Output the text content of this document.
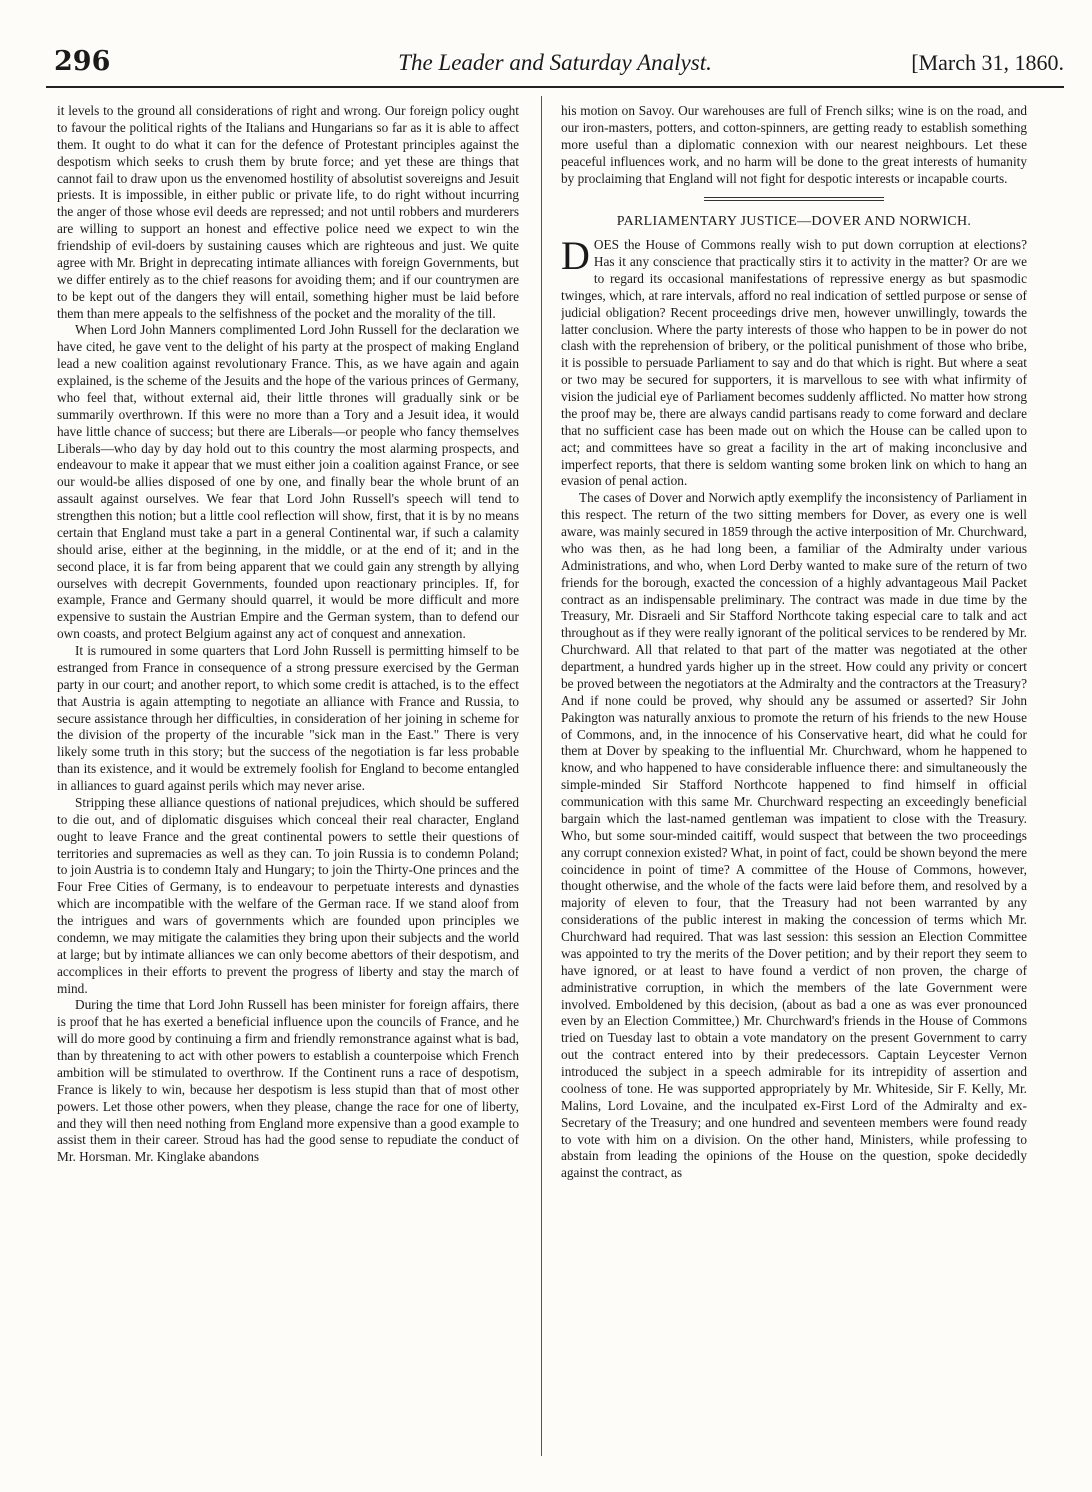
296	The Leader and Saturday Analyst.	[March 31, 1860.

it levels to the ground all considerations of right and wrong. Our foreign policy ought to favour the political rights of the Italians and Hungarians so far as it is able to affect them. It ought to do what it can for the defence of Protestant principles against the despotism which seeks to crush them by brute force; and yet these are things that cannot fail to draw upon us the envenomed hostility of absolutist sovereigns and Jesuit priests. It is impossible, in either public or private life, to do right without incurring the anger of those whose evil deeds are repressed; and not until robbers and murderers are willing to support an honest and effective police need we expect to win the friendship of evil-doers by sustaining causes which are righteous and just. We quite agree with Mr. Bright in deprecating intimate alliances with foreign Governments, but we differ entirely as to the chief reasons for avoiding them; and if our countrymen are to be kept out of the dangers they will entail, something higher must be laid before them than mere appeals to the selfishness of the pocket and the morality of the till.

When Lord John Manners complimented Lord John Russell for the declaration we have cited, he gave vent to the delight of his party at the prospect of making England lead a new coalition against revolutionary France. This, as we have again and again explained, is the scheme of the Jesuits and the hope of the various princes of Germany, who feel that, without external aid, their little thrones will gradually sink or be summarily overthrown. If this were no more than a Tory and a Jesuit idea, it would have little chance of success; but there are Liberals—or people who fancy themselves Liberals—who day by day hold out to this country the most alarming prospects, and endeavour to make it appear that we must either join a coalition against France, or see our would-be allies disposed of one by one, and finally bear the whole brunt of an assault against ourselves. We fear that Lord John Russell's speech will tend to strengthen this notion; but a little cool reflection will show, first, that it is by no means certain that England must take a part in a general Continental war, if such a calamity should arise, either at the beginning, in the middle, or at the end of it; and in the second place, it is far from being apparent that we could gain any strength by allying ourselves with decrepit Governments, founded upon reactionary principles. If, for example, France and Germany should quarrel, it would be more difficult and more expensive to sustain the Austrian Empire and the German system, than to defend our own coasts, and protect Belgium against any act of conquest and annexation.

It is rumoured in some quarters that Lord John Russell is permitting himself to be estranged from France in consequence of a strong pressure exercised by the German party in our court; and another report, to which some credit is attached, is to the effect that Austria is again attempting to negotiate an alliance with France and Russia, to secure assistance through her difficulties, in consideration of her joining in scheme for the division of the property of the incurable "sick man in the East." There is very likely some truth in this story; but the success of the negotiation is far less probable than its existence, and it would be extremely foolish for England to become entangled in alliances to guard against perils which may never arise.

Stripping these alliance questions of national prejudices, which should be suffered to die out, and of diplomatic disguises which conceal their real character, England ought to leave France and the great continental powers to settle their questions of territories and supremacies as well as they can. To join Russia is to condemn Poland; to join Austria is to condemn Italy and Hungary; to join the Thirty-One princes and the Four Free Cities of Germany, is to endeavour to perpetuate interests and dynasties which are incompatible with the welfare of the German race. If we stand aloof from the intrigues and wars of governments which are founded upon principles we condemn, we may mitigate the calamities they bring upon their subjects and the world at large; but by intimate alliances we can only become abettors of their despotism, and accomplices in their efforts to prevent the progress of liberty and stay the march of mind.

During the time that Lord John Russell has been minister for foreign affairs, there is proof that he has exerted a beneficial influence upon the councils of France, and he will do more good by continuing a firm and friendly remonstrance against what is bad, than by threatening to act with other powers to establish a counterpoise which French ambition will be stimulated to overthrow. If the Continent runs a race of despotism, France is likely to win, because her despotism is less stupid than that of most other powers. Let those other powers, when they please, change the race for one of liberty, and they will then need nothing from England more expensive than a good example to assist them in their career. Stroud has had the good sense to repudiate the conduct of Mr. Horsman. Mr. Kinglake abandons

his motion on Savoy. Our warehouses are full of French silks; wine is on the road, and our iron-masters, potters, and cotton-spinners, are getting ready to establish something more useful than a diplomatic connexion with our nearest neighbours. Let these peaceful influences work, and no harm will be done to the great interests of humanity by proclaiming that England will not fight for despotic interests or incapable courts.

PARLIAMENTARY JUSTICE—DOVER AND NORWICH.

DOES the House of Commons really wish to put down corruption at elections? Has it any conscience that practically stirs it to activity in the matter? Or are we to regard its occasional manifestations of repressive energy as but spasmodic twinges, which, at rare intervals, afford no real indication of settled purpose or sense of judicial obligation? Recent proceedings drive men, however unwillingly, towards the latter conclusion. Where the party interests of those who happen to be in power do not clash with the reprehension of bribery, or the political punishment of those who bribe, it is possible to persuade Parliament to say and do that which is right. But where a seat or two may be secured for supporters, it is marvellous to see with what infirmity of vision the judicial eye of Parliament becomes suddenly afflicted. No matter how strong the proof may be, there are always candid partisans ready to come forward and declare that no sufficient case has been made out on which the House can be called upon to act; and committees have so great a facility in the art of making inconclusive and imperfect reports, that there is seldom wanting some broken link on which to hang an evasion of penal action.

The cases of Dover and Norwich aptly exemplify the inconsistency of Parliament in this respect. The return of the two sitting members for Dover, as every one is well aware, was mainly secured in 1859 through the active interposition of Mr. Churchward, who was then, as he had long been, a familiar of the Admiralty under various Administrations, and who, when Lord Derby wanted to make sure of the return of two friends for the borough, exacted the concession of a highly advantageous Mail Packet contract as an indispensable preliminary. The contract was made in due time by the Treasury, Mr. Disraeli and Sir Stafford Northcote taking especial care to talk and act throughout as if they were really ignorant of the political services to be rendered by Mr. Churchward. All that related to that part of the matter was negotiated at the other department, a hundred yards higher up in the street. How could any privity or concert be proved between the negotiators at the Admiralty and the contractors at the Treasury? And if none could be proved, why should any be assumed or asserted? Sir John Pakington was naturally anxious to promote the return of his friends to the new House of Commons, and, in the innocence of his Conservative heart, did what he could for them at Dover by speaking to the influential Mr. Churchward, whom he happened to know, and who happened to have considerable influence there: and simultaneously the simple-minded Sir Stafford Northcote happened to find himself in official communication with this same Mr. Churchward respecting an exceedingly beneficial bargain which the last-named gentleman was impatient to close with the Treasury. Who, but some sour-minded caitiff, would suspect that between the two proceedings any corrupt connexion existed? What, in point of fact, could be shown beyond the mere coincidence in point of time? A committee of the House of Commons, however, thought otherwise, and the whole of the facts were laid before them, and resolved by a majority of eleven to four, that the Treasury had not been warranted by any considerations of the public interest in making the concession of terms which Mr. Churchward had required. That was last session: this session an Election Committee was appointed to try the merits of the Dover petition; and by their report they seem to have ignored, or at least to have found a verdict of non proven, the charge of administrative corruption, in which the members of the late Government were involved. Emboldened by this decision, (about as bad a one as was ever pronounced even by an Election Committee,) Mr. Churchward's friends in the House of Commons tried on Tuesday last to obtain a vote mandatory on the present Government to carry out the contract entered into by their predecessors. Captain Leycester Vernon introduced the subject in a speech admirable for its intrepidity of assertion and coolness of tone. He was supported appropriately by Mr. Whiteside, Sir F. Kelly, Mr. Malins, Lord Lovaine, and the inculpated ex-First Lord of the Admiralty and ex-Secretary of the Treasury; and one hundred and seventeen members were found ready to vote with him on a division. On the other hand, Ministers, while professing to abstain from leading the opinions of the House on the question, spoke decidedly against the contract, as
